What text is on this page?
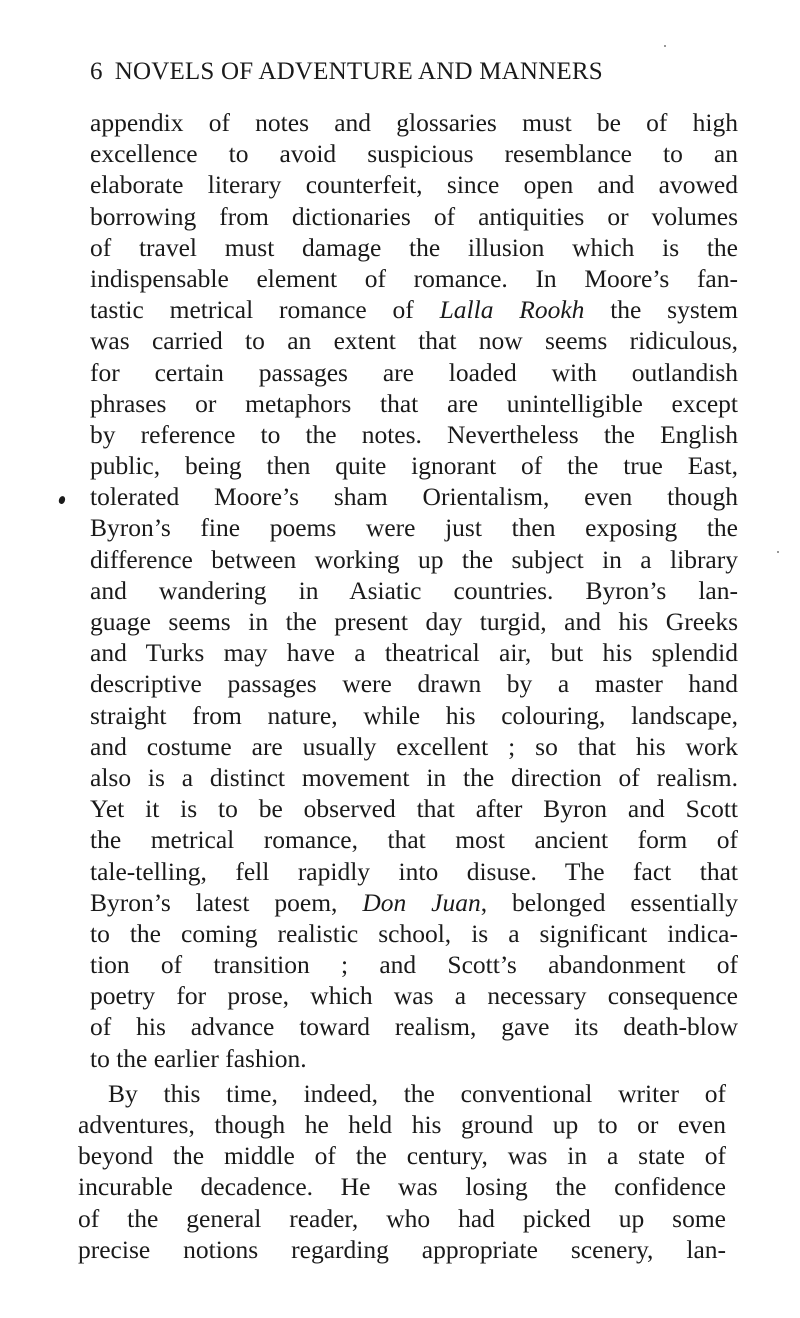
6 NOVELS OF ADVENTURE AND MANNERS
appendix of notes and glossaries must be of high
excellence to avoid suspicious resemblance to an
elaborate literary counterfeit, since open and avowed
borrowing from dictionaries of antiquities or volumes
of travel must damage the illusion which is the
indispensable element of romance. In Moore’s fan-
tastic metrical romance of Lalla Rookh the system
was carried to an extent that now seems ridiculous,
for certain passages are loaded with outlandish
phrases or metaphors that are unintelligible except
by reference to the notes. Nevertheless the English
public, being then quite ignorant of the true East,
tolerated Moore’s sham Orientalism, even though
Byron’s fine poems were just then exposing the
difference between working up the subject in a library
and wandering in Asiatic countries. Byron’s lan-
guage seems in the present day turgid, and his Greeks
and Turks may have a theatrical air, but his splendid
descriptive passages were drawn by a master hand
straight from nature, while his colouring, landscape,
and costume are usually excellent ; so that his work
also is a distinct movement in the direction of realism.
Yet it is to be observed that after Byron and Scott
the metrical romance, that most ancient form of
tale-telling, fell rapidly into disuse. The fact that
Byron’s latest poem, Don Juan, belonged essentially
to the coming realistic school, is a significant indica-
tion of transition ; and Scott’s abandonment of
poetry for prose, which was a necessary consequence
of his advance toward realism, gave its death-blow
to the earlier fashion.
By this time, indeed, the conventional writer of
adventures, though he held his ground up to or even
beyond the middle of the century, was in a state of
incurable decadence. He was losing the confidence
of the general reader, who had picked up some
precise notions regarding appropriate scenery, lan-
